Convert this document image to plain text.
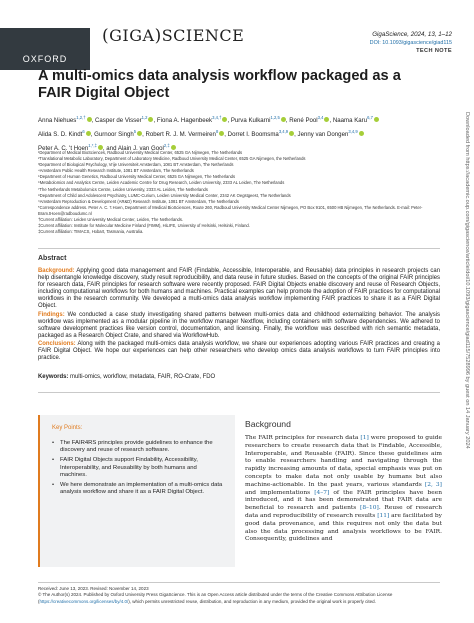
OXFORD
(GIGA)SCIENCE	GigaScience, 2024, 13, 1–12
DOI: 10.1093/gigascience/giad115
TECH NOTE
A multi-omics data analysis workflow packaged as a FAIR Digital Object
Anna Niehues$^{1,2,\dagger}$ , Casper de Visser$^{1,2}$ , Fiona A. Hagenbeek$^{3,4,\dagger}$ , Purva Kulkarni$^{1,2,5}$ , René Pool$^{3,4}$ , Naama Karu$^{6,7}$
Alida S. D. Kindt$^6$ , Gurnoor Singh$^5$ , Robert R. J. M. Vermeiren$^8$ , Dorret I. Boomsma$^{3,4,9}$ , Jenny van Dongen$^{3,4,9}$
Peter A. C. 't Hoen$^{1,*,\ddagger}$ , and Alain J. van Gool$^{2,\ddagger}$
¹Department of Medical BioSciences, Radboud University Medical Center, 6525 GA Nijmegen, The Netherlands
²Translational Metabolic Laboratory, Department of Laboratory Medicine, Radboud University Medical Center, 6525 GA Nijmegen, the Netherlands
³Department of Biological Psychology, Vrije Universiteit Amsterdam, 1081 BT Amsterdam, The Netherlands
⁴Amsterdam Public Health Research Institute, 1081 BT Amsterdam, The Netherlands
⁵Department of Human Genetics, Radboud University Medical Center, 6525 GA Nijmegen, The Netherlands
⁶Metabolomics and Analytics Centre, Leiden Academic Centre for Drug Research, Leiden University, 2333 AL Leiden, The Netherlands
⁷The Netherlands Metabolomics Centre, Leiden University, 2333 AL Leiden, The Netherlands
⁸Department of Child and Adolescent Psychiatry, LUMC-Curium, Leiden University Medical Center, 2342 AK Oegstgeest, The Netherlands
⁹Amsterdam Reproduction & Development (AR&D) Research Institute, 1081 BT Amsterdam, The Netherlands
*Correspondence address. Peter A. C. 't Hoen, Department of Medical BioSciences, Route 260, Radboud University Medical Center Nijmegen, PO Box 9101, 6500 HB Nijmegen, The Netherlands. E-mail: Peter-Bram.tHoen@radboudumc.nl
†Current affiliation: Leiden University Medical Center, Leiden, The Netherlands.
‡Current affiliation: Institute for Molecular Medicine Finland (FIMM), HiLIFE, University of Helsinki, Helsinki, Finland.
‡Current affiliation: TIMACS, Hobart, Tasmania, Australia.
Abstract

Background: Applying good data management and FAIR (Findable, Accessible, Interoperable, and Reusable) data principles in research projects can help disentangle knowledge discovery, study result reproducibility, and data reuse in future studies. Based on the concepts of the original FAIR principles for research data, FAIR principles for research software were recently proposed. FAIR Digital Objects enable discovery and reuse of Research Objects, including computational workflows for both humans and machines. Practical examples can help promote the adoption of FAIR practices for computational workflows in the research community. We developed a multi-omics data analysis workflow implementing FAIR practices to share it as a FAIR Digital Object.

Findings: We conducted a case study investigating shared patterns between multi-omics data and childhood externalizing behavior. The analysis workflow was implemented as a modular pipeline in the workflow manager Nextflow, including containers with software dependencies. We adhered to software development practices like version control, documentation, and licensing. Finally, the workflow was described with rich semantic metadata, packaged as a Research Object Crate, and shared via WorkflowHub.

Conclusions: Along with the packaged multi-omics data analysis workflow, we share our experiences adopting various FAIR practices and creating a FAIR Digital Object. We hope our experiences can help other researchers who develop omics data analysis workflows to turn FAIR principles into practice.

Keywords: multi-omics, workflow, metadata, FAIR, RO-Crate, FDO
Key Points:
• The FAIR4RS principles provide guidelines to enhance the discovery and reuse of research software.
• FAIR Digital Objects support Findability, Accessibility, Interoperability, and Reusability by both humans and machines.
• We here demonstrate an implementation of a multi-omics data analysis workflow and share it as a FAIR Digital Object.
Background

The FAIR principles for research data [1] were proposed to guide researchers to create research data that is Findable, Accessible, Interoperable, and Reusable (FAIR). Since these guidelines aim to enable researchers handling and navigating through the rapidly increasing amounts of data, special emphasis was put on concepts to make data not only usable by humans but also machine-actionable. In the past years, various standards [2, 3] and implementations [4–7] of the FAIR principles have been introduced, and it has been demonstrated that FAIR data are beneficial to research and patients [8–10]. Reuse of research data and reproducibility of research results [11] are facilitated by good data provenance, and this requires not only the data but also the data processing and analysis workflows to be FAIR. Consequently, guidelines and

Received: June 13, 2023. Revised: November 14, 2023
© The Author(s) 2024. Published by Oxford University Press GigaScience. This is an Open Access article distributed under the terms of the Creative Commons Attribution License (https://creativecommons.org/licenses/by/4.0/), which permits unrestricted reuse, distribution, and reproduction in any medium, provided the original work is properly cited.
Downloaded from https://academic.oup.com/gigascience/article/doi/10.1093/gigascience/giad115/7528996 by guest on 14 January 2024
